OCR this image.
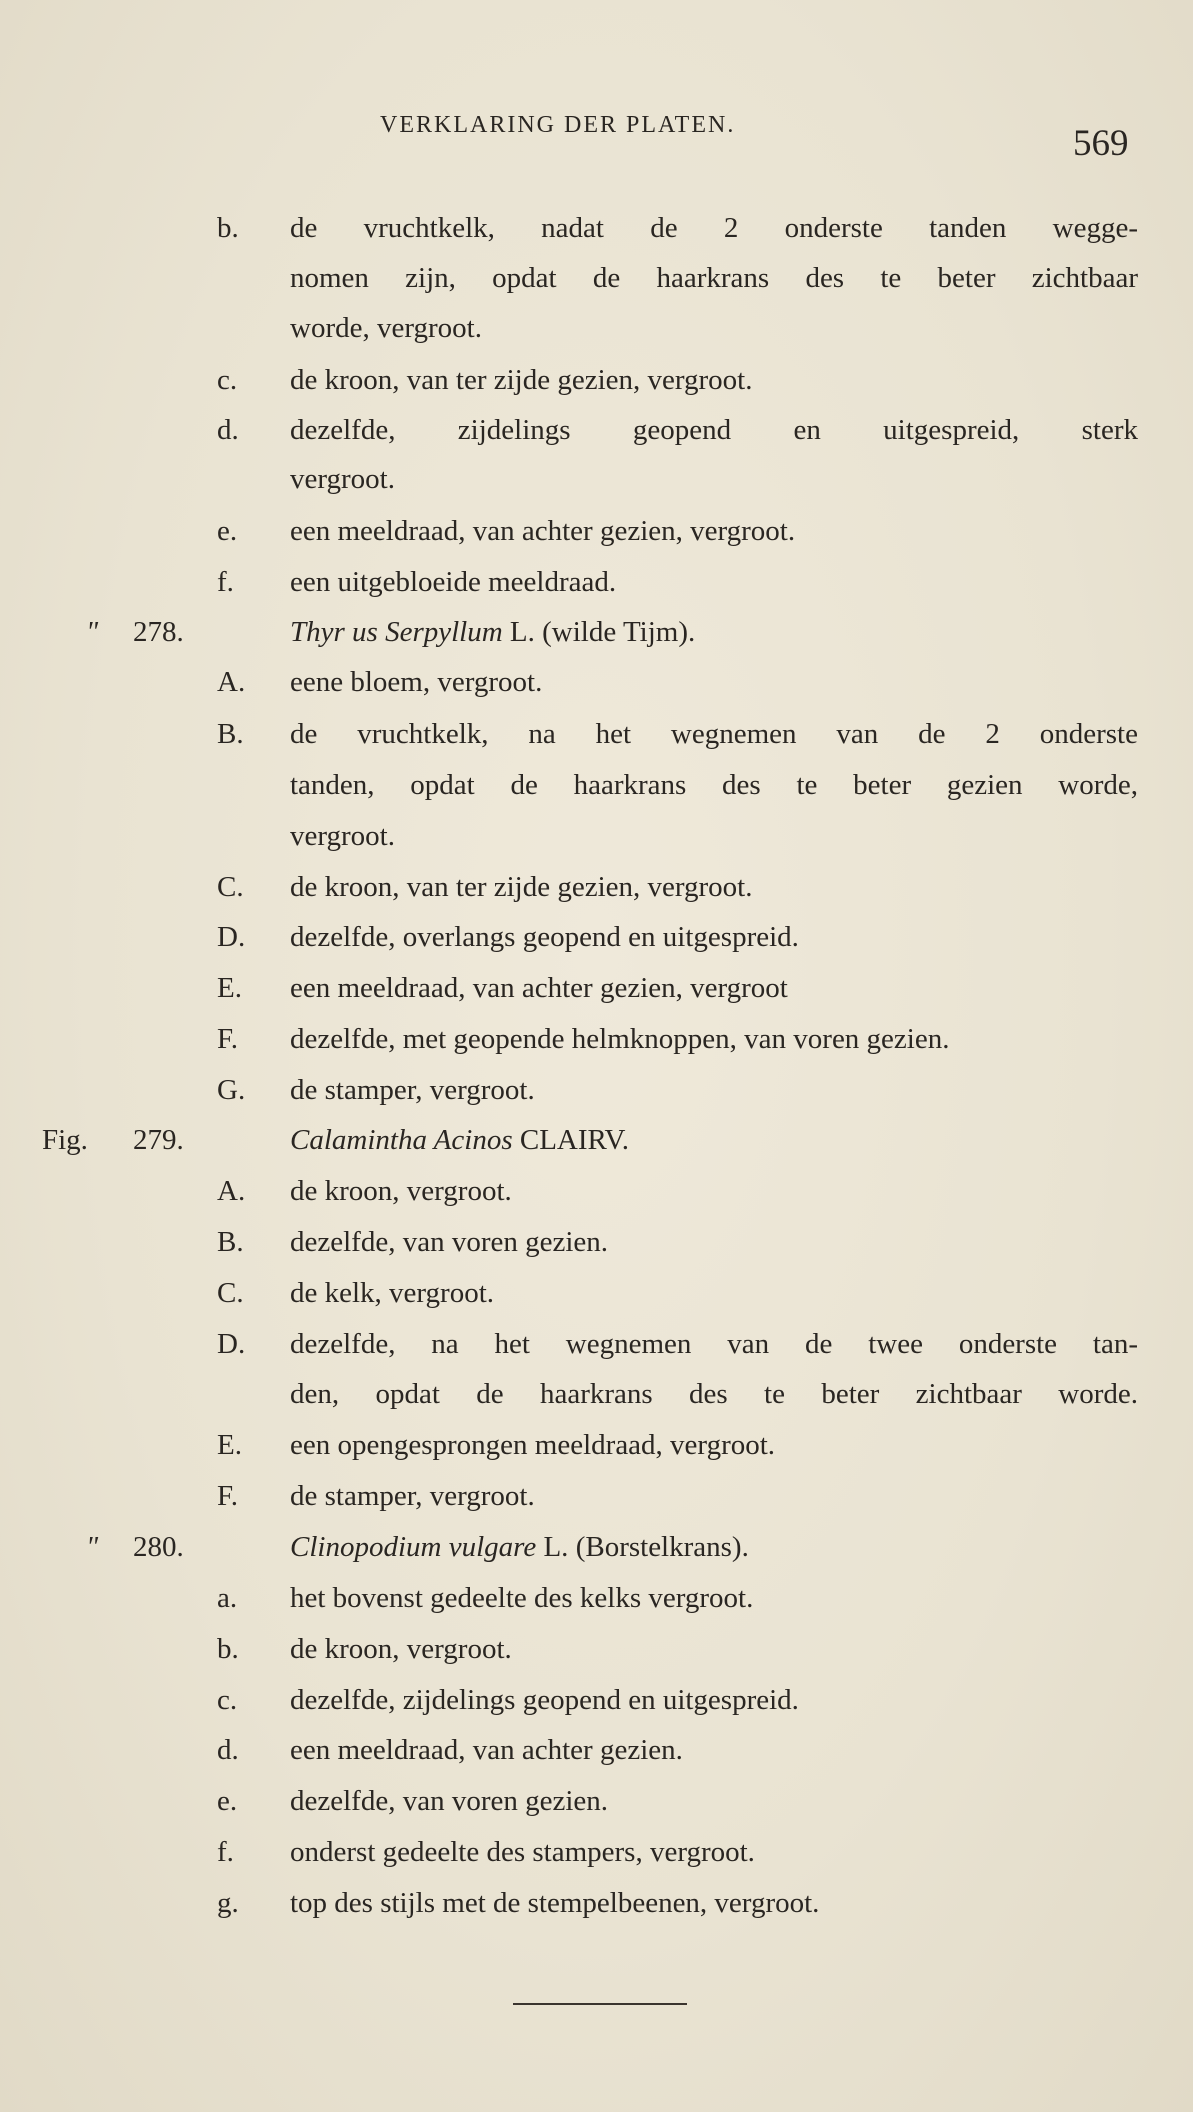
VERKLARING DER PLATEN.	569
b. de vruchtkelk, nadat de 2 onderste tanden wegge-
nomen zijn, opdat de haarkrans des te beter zichtbaar
worde, vergroot.
c. de kroon, van ter zijde gezien, vergroot.
d. dezelfde, zijdelings geopend en uitgespreid, sterk
vergroot.
e. een meeldraad, van achter gezien, vergroot.
f. een uitgebloeide meeldraad.
" 278.	Thyr us Serpyllum L. (wilde Tijm).
A. eene bloem, vergroot.
B. de vruchtkelk, na het wegnemen van de 2 onderste
tanden, opdat de haarkrans des te beter gezien worde,
vergroot.
C. de kroon, van ter zijde gezien, vergroot.
D. dezelfde, overlangs geopend en uitgespreid.
E. een meeldraad, van achter gezien, vergroot
F. dezelfde, met geopende helmknoppen, van voren gezien.
G. de stamper, vergroot.
Fig. 279.	Calamintha Acinos CLAIRV.
A. de kroon, vergroot.
B. dezelfde, van voren gezien.
C. de kelk, vergroot.
D. dezelfde, na het wegnemen van de twee onderste tan-
den, opdat de haarkrans des te beter zichtbaar worde.
E. een opengesprongen meeldraad, vergroot.
F. de stamper, vergroot.
" 280.	Clinopodium vulgare L. (Borstelkrans).
a. het bovenst gedeelte des kelks vergroot.
b. de kroon, vergroot.
c. dezelfde, zijdelings geopend en uitgespreid.
d. een meeldraad, van achter gezien.
e. dezelfde, van voren gezien.
f. onderst gedeelte des stampers, vergroot.
g. top des stijls met de stempelbeenen, vergroot.
